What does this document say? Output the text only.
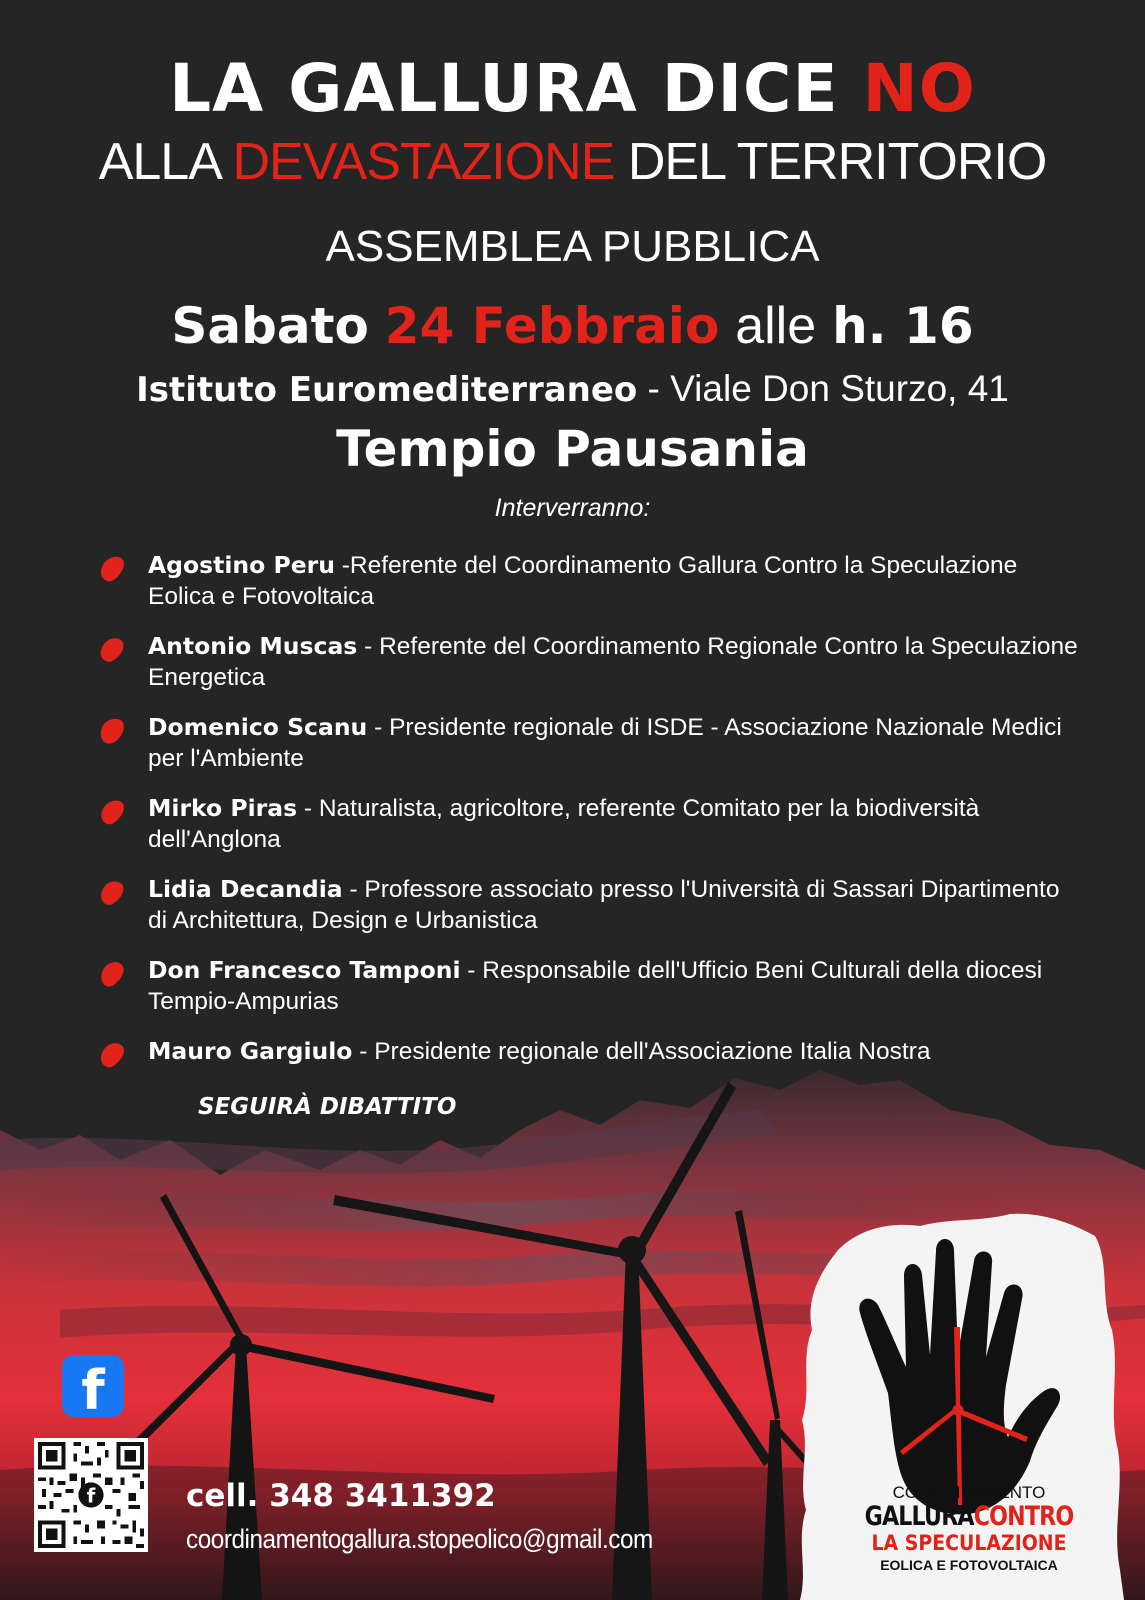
LA GALLURA DICE NO
ALLA DEVASTAZIONE DEL TERRITORIO
ASSEMBLEA PUBBLICA
Sabato 24 Febbraio alle h. 16
Istituto Euromediterraneo - Viale Don Sturzo, 41
Tempio Pausania
Interverranno:
Agostino Peru -Referente del Coordinamento Gallura Contro la Speculazione Eolica e Fotovoltaica
Antonio Muscas - Referente del Coordinamento Regionale Contro la Speculazione Energetica
Domenico Scanu - Presidente regionale di ISDE - Associazione Nazionale Medici per l'Ambiente
Mirko Piras - Naturalista, agricoltore, referente Comitato per la biodiversità dell'Anglona
Lidia Decandia - Professore associato presso l'Università di Sassari Dipartimento di Architettura, Design e Urbanistica
Don Francesco Tamponi - Responsabile dell'Ufficio Beni Culturali della diocesi Tempio-Ampurias
Mauro Gargiulo - Presidente regionale dell'Associazione Italia Nostra
SEGUIRÀ DIBATTITO
f
f	cell. 348 3411392
coordinamentogallura.stopeolico@gmail.com
COORDINAMENTO
GALLURACONTRO
LA SPECULAZIONE
EOLICA E FOTOVOLTAICA
